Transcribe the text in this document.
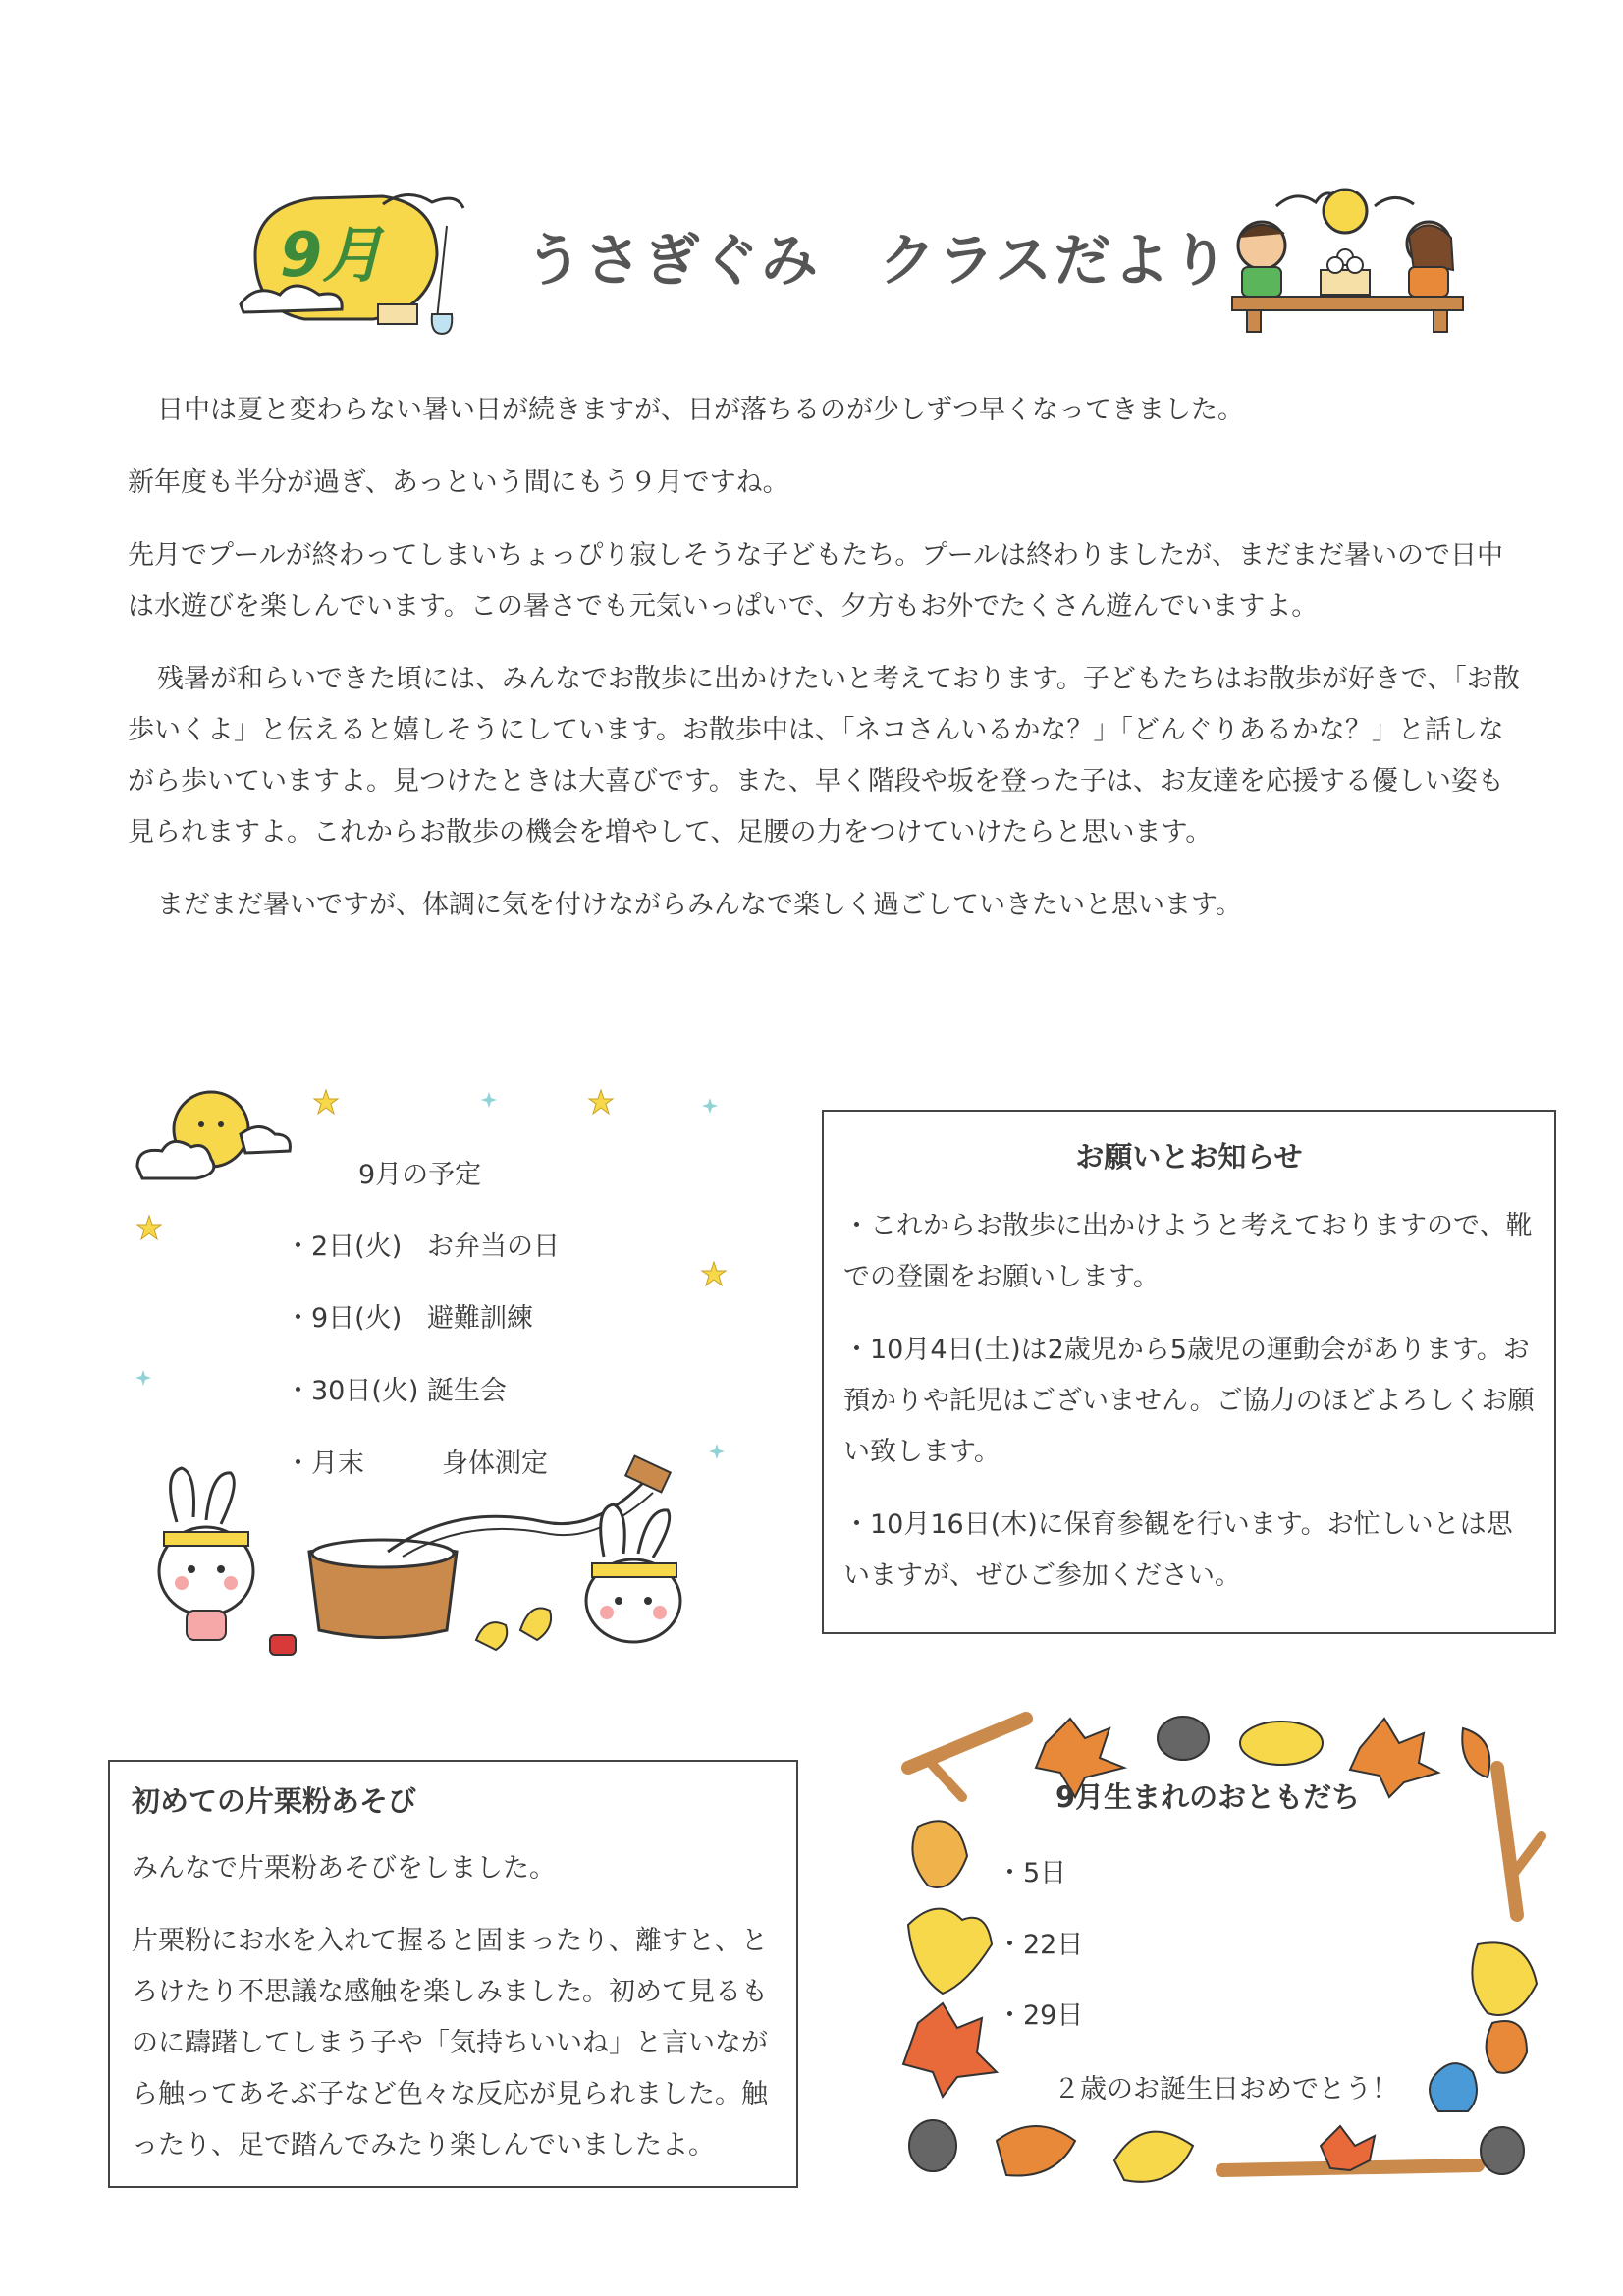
9月 うさぎぐみ　クラスだより

日中は夏と変わらない暑い日が続きますが、日が落ちるのが少しずつ早くなってきました。

新年度も半分が過ぎ、あっという間にもう９月ですね。

先月でプールが終わってしまいちょっぴり寂しそうな子どもたち。プールは終わりましたが、まだまだ暑いので日中は水遊びを楽しんでいます。この暑さでも元気いっぱいで、夕方もお外でたくさん遊んでいますよ。

残暑が和らいできた頃には、みんなでお散歩に出かけたいと考えております。子どもたちはお散歩が好きで、「お散歩いくよ」と伝えると嬉しそうにしています。お散歩中は、「ネコさんいるかな？」「どんぐりあるかな？」と話しながら歩いていますよ。見つけたときは大喜びです。また、早く階段や坂を登った子は、お友達を応援する優しい姿も見られますよ。これからお散歩の機会を増やして、足腰の力をつけていけたらと思います。

まだまだ暑いですが、体調に気を付けながらみんなで楽しく過ごしていきたいと思います。

9月の予定
・2日(火) お弁当の日
・9日(火) 避難訓練
・30日(火) 誕生会
・月末	身体測定
お願いとお知らせ
・これからお散歩に出かけようと考えておりますので、靴での登園をお願いします。
・10月4日(土)は2歳児から5歳児の運動会があります。お預かりや託児はございません。ご協力のほどよろしくお願い致します。
・10月16日(木)に保育参観を行います。お忙しいとは思いますが、ぜひご参加ください。
初めての片栗粉あそび
みんなで片栗粉あそびをしました。
片栗粉にお水を入れて握ると固まったり、離すと、とろけたり不思議な感触を楽しみました。初めて見るものに躊躇してしまう子や「気持ちいいね」と言いながら触ってあそぶ子など色々な反応が見られました。触ったり、足で踏んでみたり楽しんでいましたよ。
9月生まれのおともだち
・5日
・22日
・29日
２歳のお誕生日おめでとう！
